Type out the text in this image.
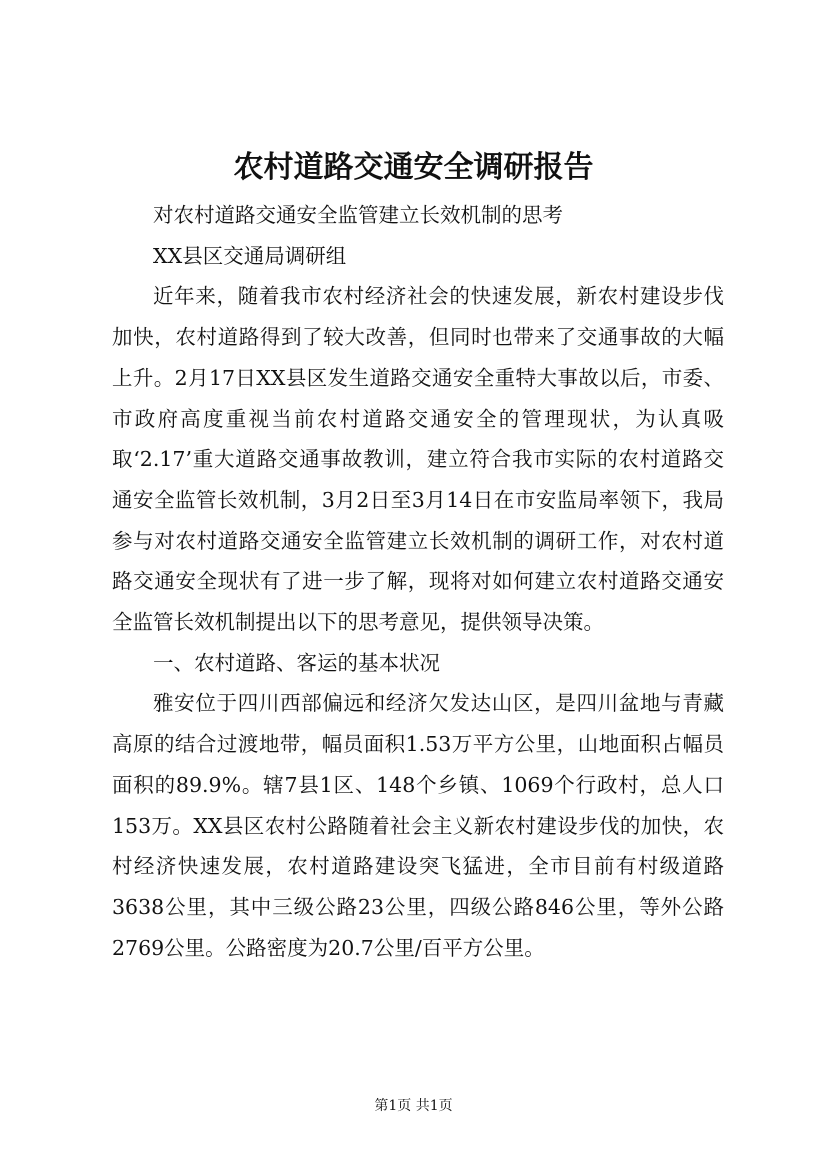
农村道路交通安全调研报告

对农村道路交通安全监管建立长效机制的思考

XX县区交通局调研组

近年来，随着我市农村经济社会的快速发展，新农村建设步伐加快，农村道路得到了较大改善，但同时也带来了交通事故的大幅上升。2月17日XX县区发生道路交通安全重特大事故以后，市委、市政府高度重视当前农村道路交通安全的管理现状，为认真吸取‘2.17’重大道路交通事故教训，建立符合我市实际的农村道路交通安全监管长效机制，3月2日至3月14日在市安监局率领下，我局参与对农村道路交通安全监管建立长效机制的调研工作，对农村道路交通安全现状有了进一步了解，现将对如何建立农村道路交通安全监管长效机制提出以下的思考意见，提供领导决策。

一、农村道路、客运的基本状况

雅安位于四川西部偏远和经济欠发达山区，是四川盆地与青藏高原的结合过渡地带，幅员面积1.53万平方公里，山地面积占幅员面积的89.9%。辖7县1区、148个乡镇、1069个行政村，总人口153万。XX县区农村公路随着社会主义新农村建设步伐的加快，农村经济快速发展，农村道路建设突飞猛进，全市目前有村级道路3638公里，其中三级公路23公里，四级公路846公里，等外公路2769公里。公路密度为20.7公里/百平方公里。

第1页 共1页
